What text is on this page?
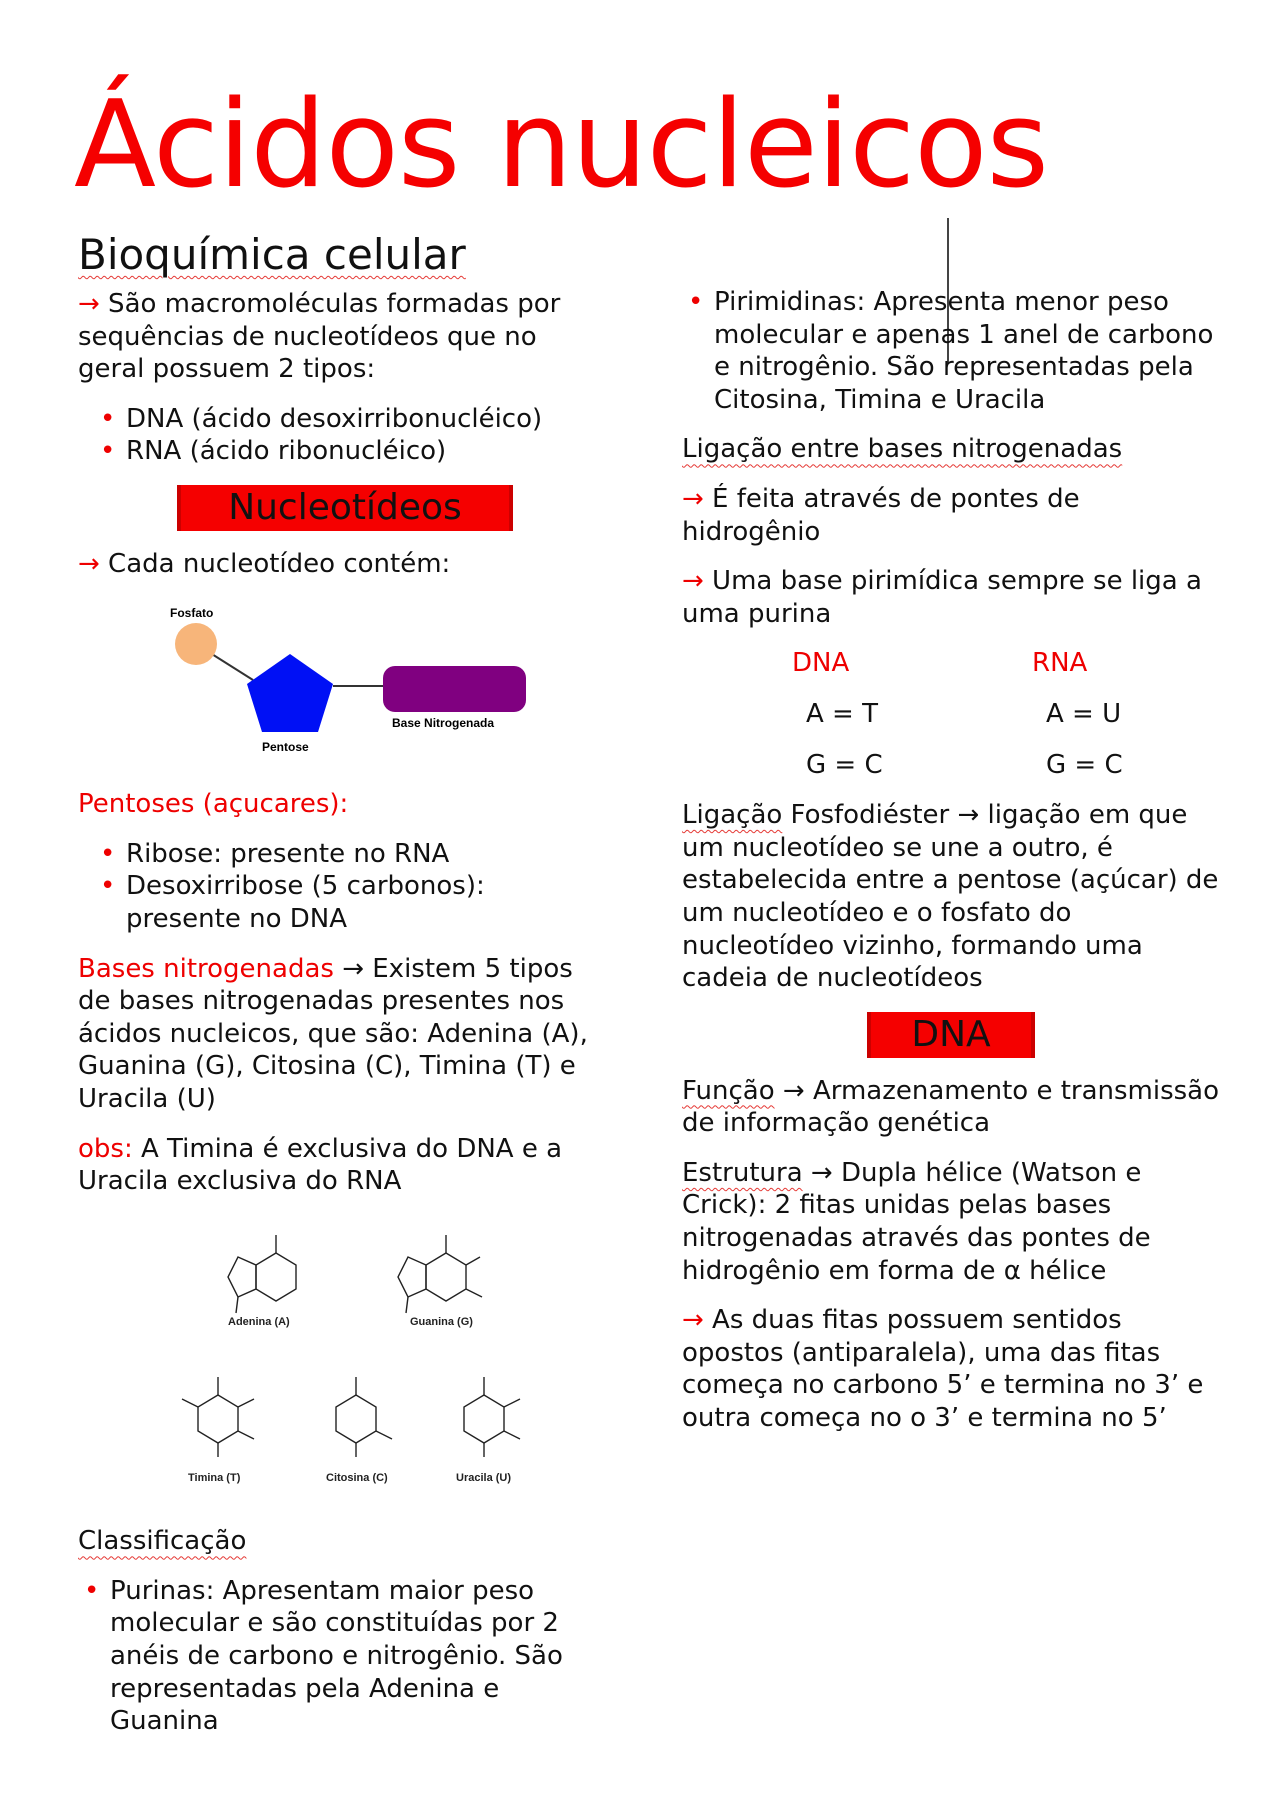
Ácidos nucleicos
Bioquímica celular

→ São macromoléculas formadas por sequências de nucleotídeos que no geral possuem 2 tipos:

• DNA (ácido desoxirribonucléico)
• RNA (ácido ribonucléico)
Nucleotídeos

→ Cada nucleotídeo contém:

Fosfato
Pentose
Base Nitrogenada

Pentoses (açucares):

• Ribose: presente no RNA
• Desoxirribose (5 carbonos): presente no DNA

Bases nitrogenadas → Existem 5 tipos de bases nitrogenadas presentes nos ácidos nucleicos, que são: Adenina (A), Guanina (G), Citosina (C), Timina (T) e Uracila (U)

obs: A Timina é exclusiva do DNA e a Uracila exclusiva do RNA

Adenina (A)	Guanina (G)
Timina (T)	Citosina (C)	Uracila (U)

Classificação

• Purinas: Apresentam maior peso molecular e são constituídas por 2 anéis de carbono e nitrogênio. São representadas pela Adenina e Guanina
• Pirimidinas: Apresenta menor peso molecular e apenas 1 anel de carbono e nitrogênio. São representadas pela Citosina, Timina e Uracila

Ligação entre bases nitrogenadas

→ É feita através de pontes de hidrogênio

→ Uma base pirimídica sempre se liga a uma purina

DNA	RNA
A = T	A = U
G = C	G = C

Ligação Fosfodiéster → ligação em que um nucleotídeo se une a outro, é estabelecida entre a pentose (açúcar) de um nucleotídeo e o fosfato do nucleotídeo vizinho, formando uma cadeia de nucleotídeos

DNA

Função → Armazenamento e transmissão de informação genética

Estrutura → Dupla hélice (Watson e Crick): 2 fitas unidas pelas bases nitrogenadas através das pontes de hidrogênio em forma de α hélice

→ As duas fitas possuem sentidos opostos (antiparalela), uma das fitas começa no carbono 5’ e termina no 3’ e outra começa no o 3’ e termina no 5’
